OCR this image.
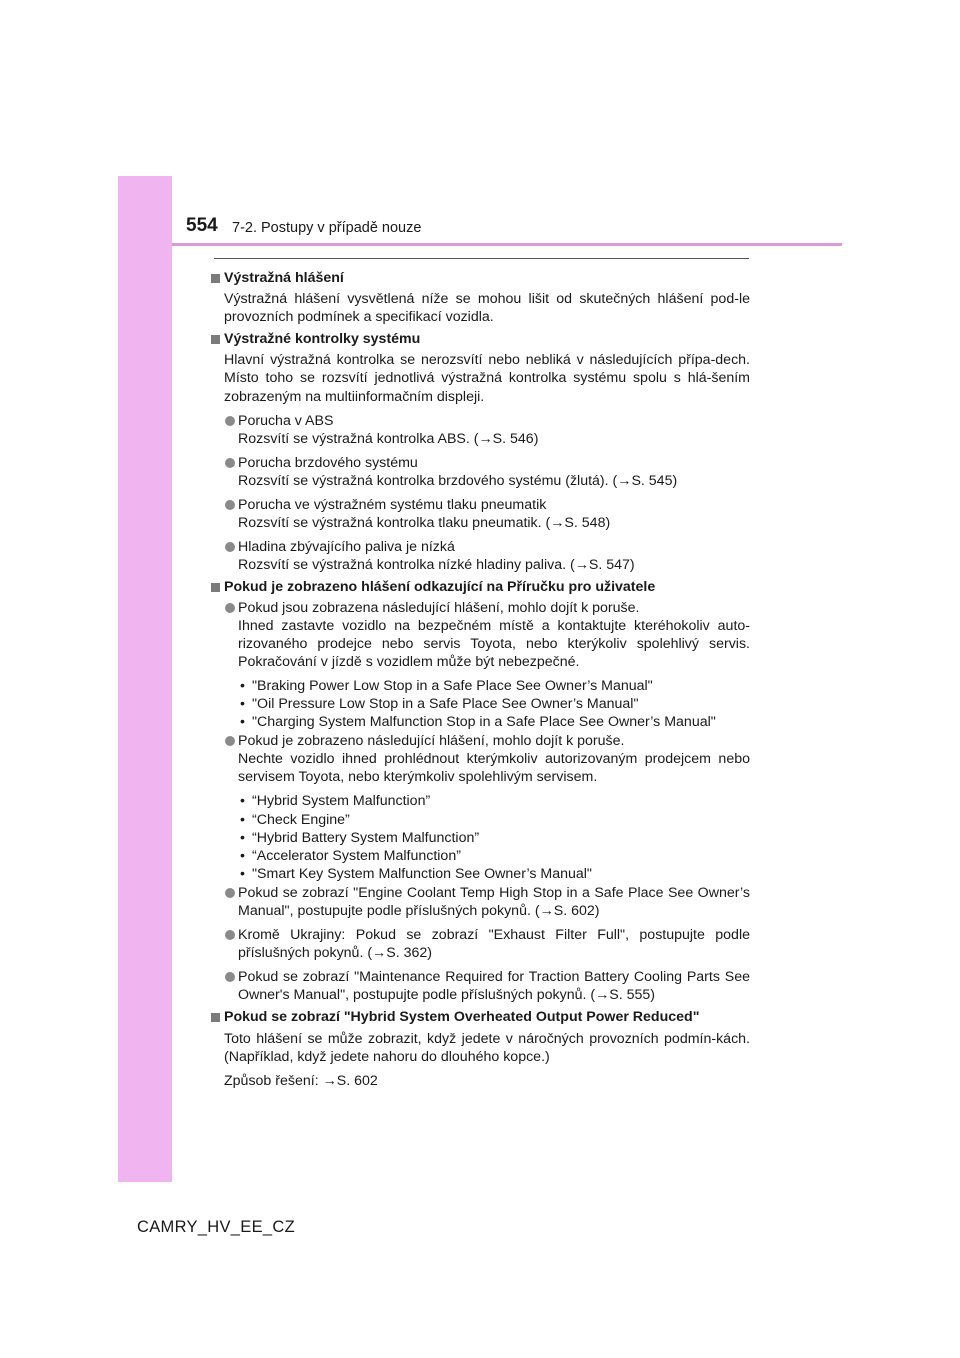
554 7-2. Postupy v případě nouze
Výstražná hlášení
Výstražná hlášení vysvětlená níže se mohou lišit od skutečných hlášení pod-le provozních podmínek a specifikací vozidla.
Výstražné kontrolky systému
Hlavní výstražná kontrolka se nerozsvítí nebo nebliká v následujících přípa-dech. Místo toho se rozsvítí jednotlivá výstražná kontrolka systému spolu s hlá-šením zobrazeným na multiinformačním displeji.
Porucha v ABS
Rozsvítí se výstražná kontrolka ABS. (→S. 546)
Porucha brzdového systému
Rozsvítí se výstražná kontrolka brzdového systému (žlutá). (→S. 545)
Porucha ve výstražném systému tlaku pneumatik
Rozsvítí se výstražná kontrolka tlaku pneumatik. (→S. 548)
Hladina zbývajícího paliva je nízká
Rozsvítí se výstražná kontrolka nízké hladiny paliva. (→S. 547)
Pokud je zobrazeno hlášení odkazující na Příručku pro uživatele
Pokud jsou zobrazena následující hlášení, mohlo dojít k poruše.
Ihned zastavte vozidlo na bezpečném místě a kontaktujte kteréhokoliv auto-rizovaného prodejce nebo servis Toyota, nebo kterýkoliv spolehlivý servis. Pokračování v jízdě s vozidlem může být nebezpečné.
• "Braking Power Low Stop in a Safe Place See Owner’s Manual"
• "Oil Pressure Low Stop in a Safe Place See Owner’s Manual"
• "Charging System Malfunction Stop in a Safe Place See Owner’s Manual"
Pokud je zobrazeno následující hlášení, mohlo dojít k poruše.
Nechte vozidlo ihned prohlédnout kterýmkoliv autorizovaným prodejcem nebo servisem Toyota, nebo kterýmkoliv spolehlivým servisem.
• “Hybrid System Malfunction”
• “Check Engine”
• “Hybrid Battery System Malfunction”
• “Accelerator System Malfunction”
• "Smart Key System Malfunction See Owner’s Manual"
Pokud se zobrazí "Engine Coolant Temp High Stop in a Safe Place See Owner’s Manual", postupujte podle příslušných pokynů. (→S. 602)
Kromě Ukrajiny: Pokud se zobrazí "Exhaust Filter Full", postupujte podle příslušných pokynů. (→S. 362)
Pokud se zobrazí "Maintenance Required for Traction Battery Cooling Parts See Owner's Manual", postupujte podle příslušných pokynů. (→S. 555)
Pokud se zobrazí "Hybrid System Overheated Output Power Reduced"
Toto hlášení se může zobrazit, když jedete v náročných provozních podmín-kách. (Například, když jedete nahoru do dlouhého kopce.)
Způsob řešení: →S. 602
CAMRY_HV_EE_CZ
